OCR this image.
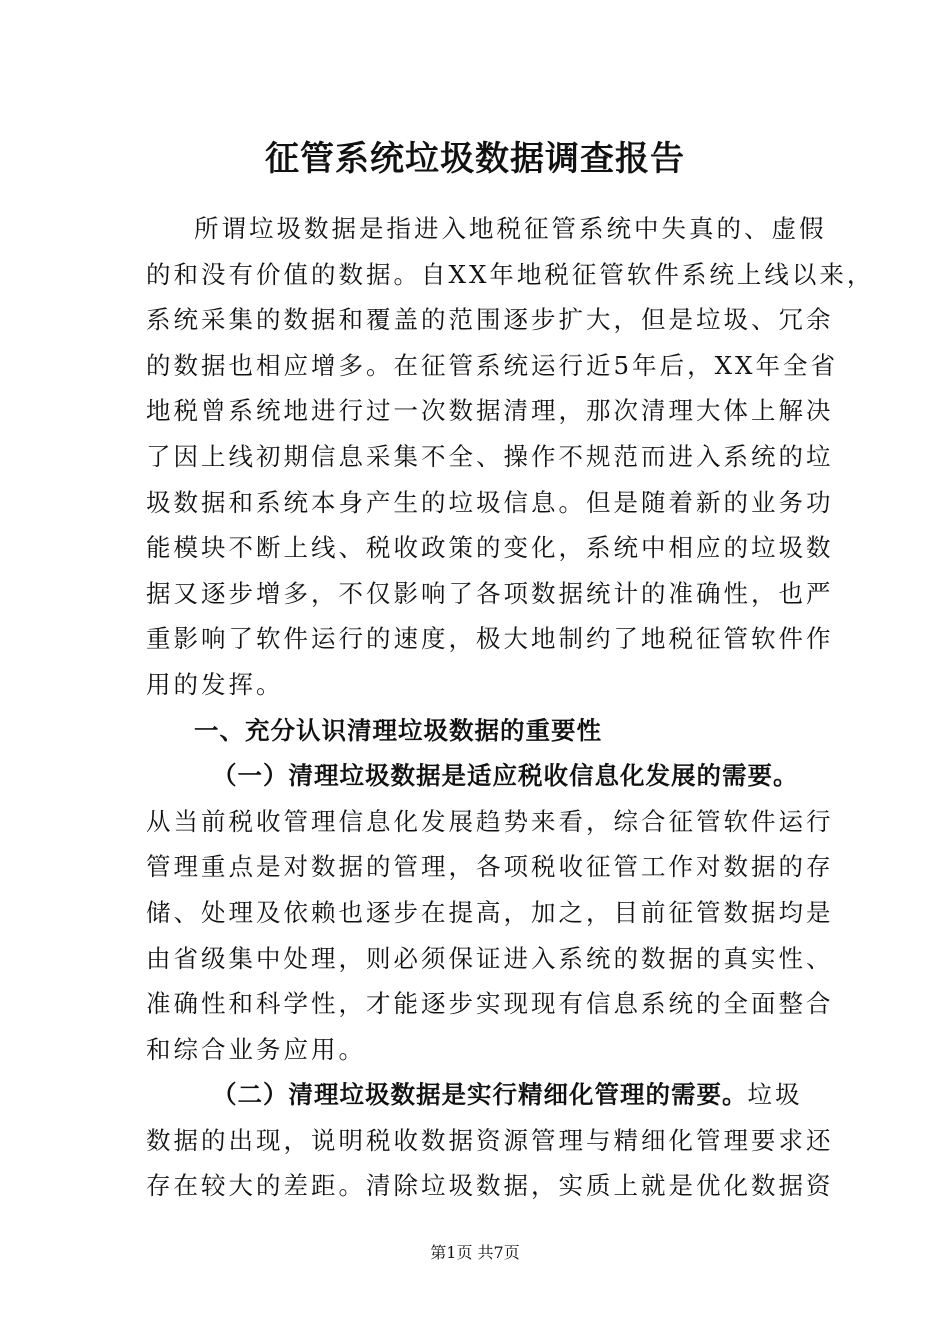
征管系统垃圾数据调查报告
所谓垃圾数据是指进入地税征管系统中失真的、虚假
的和没有价值的数据。自XX年地税征管软件系统上线以来，
系统采集的数据和覆盖的范围逐步扩大，但是垃圾、冗余
的数据也相应增多。在征管系统运行近5年后，XX年全省
地税曾系统地进行过一次数据清理，那次清理大体上解决
了因上线初期信息采集不全、操作不规范而进入系统的垃
圾数据和系统本身产生的垃圾信息。但是随着新的业务功
能模块不断上线、税收政策的变化，系统中相应的垃圾数
据又逐步增多，不仅影响了各项数据统计的准确性，也严
重影响了软件运行的速度，极大地制约了地税征管软件作
用的发挥。
一、充分认识清理垃圾数据的重要性
（一）清理垃圾数据是适应税收信息化发展的需要。
从当前税收管理信息化发展趋势来看，综合征管软件运行
管理重点是对数据的管理，各项税收征管工作对数据的存
储、处理及依赖也逐步在提高，加之，目前征管数据均是
由省级集中处理，则必须保证进入系统的数据的真实性、
准确性和科学性，才能逐步实现现有信息系统的全面整合
和综合业务应用。
（二）清理垃圾数据是实行精细化管理的需要。垃圾
数据的出现，说明税收数据资源管理与精细化管理要求还
存在较大的差距。清除垃圾数据，实质上就是优化数据资
第1页 共7页
